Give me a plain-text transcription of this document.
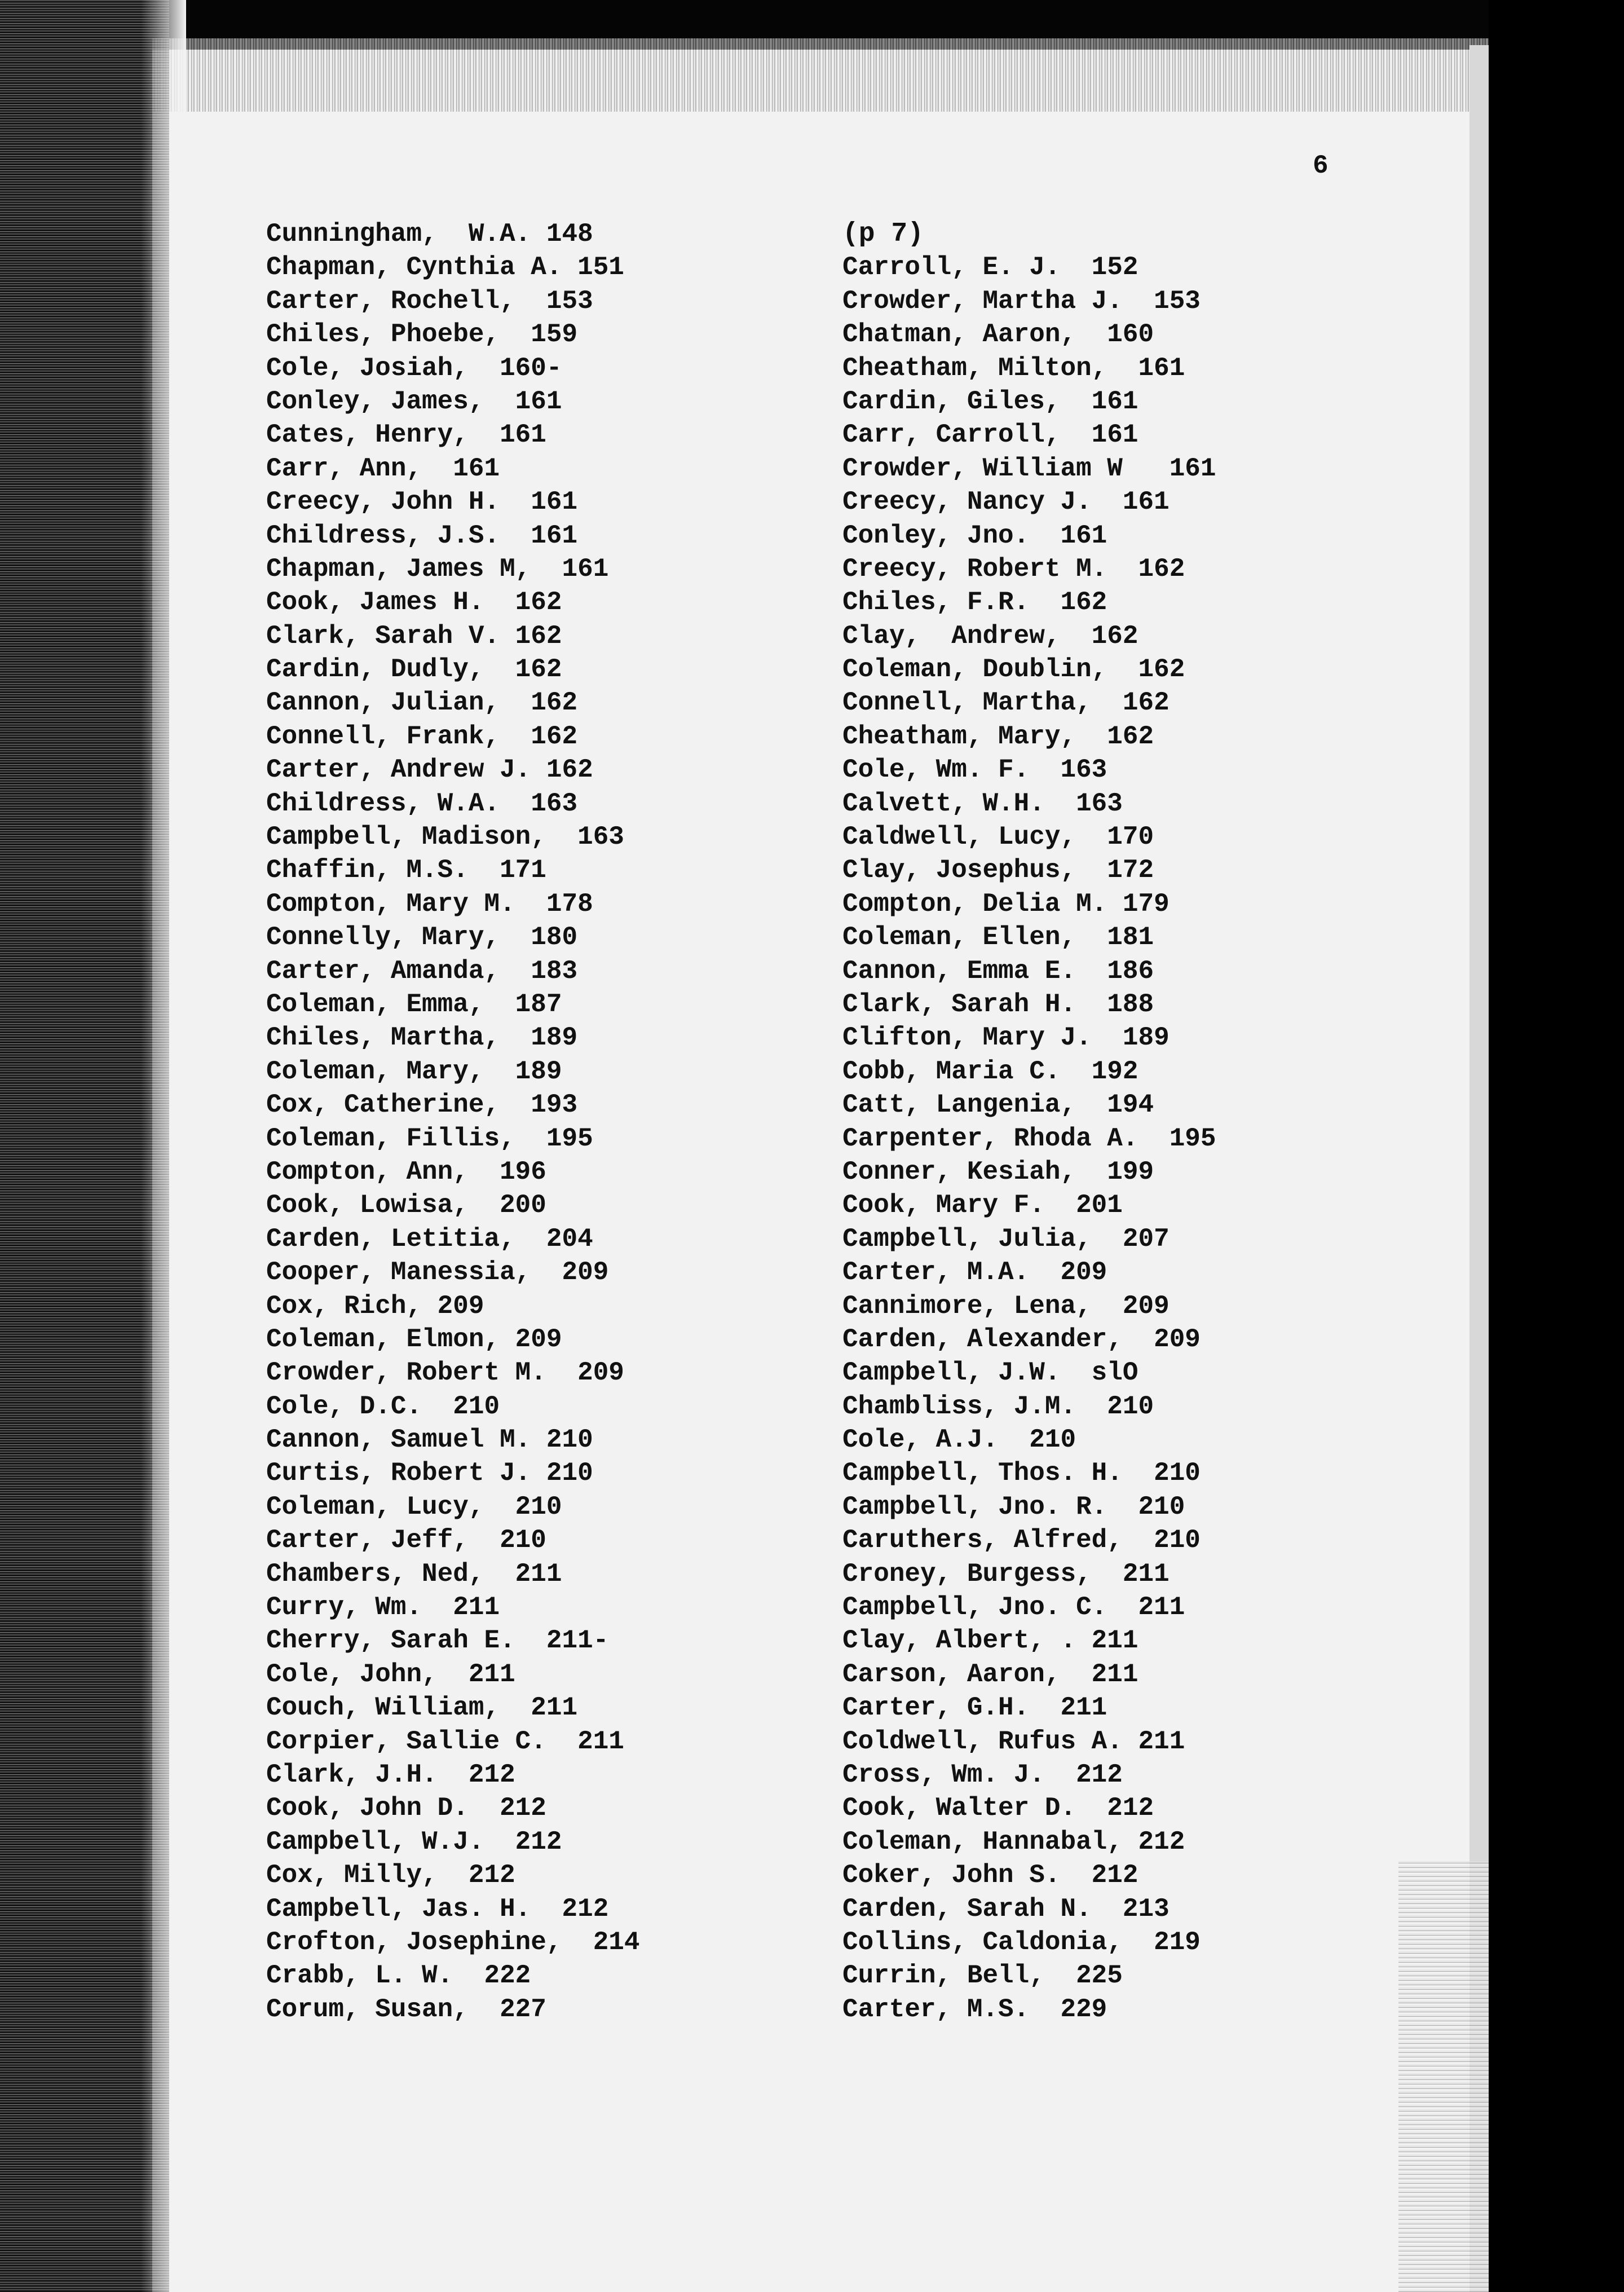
6
Cunningham,  W.A. 148
Chapman, Cynthia A. 151
Carter, Rochell,  153
Chiles, Phoebe,  159
Cole, Josiah,  160-
Conley, James,  161
Cates, Henry,  161
Carr, Ann,  161
Creecy, John H.  161
Childress, J.S.  161
Chapman, James M,  161
Cook, James H.  162
Clark, Sarah V. 162
Cardin, Dudly,  162
Cannon, Julian,  162
Connell, Frank,  162
Carter, Andrew J. 162
Childress, W.A.  163
Campbell, Madison,  163
Chaffin, M.S.  171
Compton, Mary M.  178
Connelly, Mary,  180
Carter, Amanda,  183
Coleman, Emma,  187
Chiles, Martha,  189
Coleman, Mary,  189
Cox, Catherine,  193
Coleman, Fillis,  195
Compton, Ann,  196
Cook, Lowisa,  200
Carden, Letitia,  204
Cooper, Manessia,  209
Cox, Rich, 209
Coleman, Elmon, 209
Crowder, Robert M.  209
Cole, D.C.  210
Cannon, Samuel M. 210
Curtis, Robert J. 210
Coleman, Lucy,  210
Carter, Jeff,  210
Chambers, Ned,  211
Curry, Wm.  211
Cherry, Sarah E.  211-
Cole, John,  211
Couch, William,  211
Corpier, Sallie C.  211
Clark, J.H.  212
Cook, John D.  212
Campbell, W.J.  212
Cox, Milly,  212
Campbell, Jas. H.  212
Crofton, Josephine,  214
Crabb, L. W.  222
Corum, Susan,  227
(p 7)
Carroll, E. J.  152
Crowder, Martha J.  153
Chatman, Aaron,  160
Cheatham, Milton,  161
Cardin, Giles,  161
Carr, Carroll,  161
Crowder, William W   161
Creecy, Nancy J.  161
Conley, Jno.  161
Creecy, Robert M.  162
Chiles, F.R.  162
Clay,  Andrew,  162
Coleman, Doublin,  162
Connell, Martha,  162
Cheatham, Mary,  162
Cole, Wm. F.  163
Calvett, W.H.  163
Caldwell, Lucy,  170
Clay, Josephus,  172
Compton, Delia M. 179
Coleman, Ellen,  181
Cannon, Emma E.  186
Clark, Sarah H.  188
Clifton, Mary J.  189
Cobb, Maria C.  192
Catt, Langenia,  194
Carpenter, Rhoda A.  195
Conner, Kesiah,  199
Cook, Mary F.  201
Campbell, Julia,  207
Carter, M.A.  209
Cannimore, Lena,  209
Carden, Alexander,  209
Campbell, J.W.  slO
Chambliss, J.M.  210
Cole, A.J.  210
Campbell, Thos. H.  210
Campbell, Jno. R.  210
Caruthers, Alfred,  210
Croney, Burgess,  211
Campbell, Jno. C.  211
Clay, Albert, . 211
Carson, Aaron,  211
Carter, G.H.  211
Coldwell, Rufus A. 211
Cross, Wm. J.  212
Cook, Walter D.  212
Coleman, Hannabal, 212
Coker, John S.  212
Carden, Sarah N.  213
Collins, Caldonia,  219
Currin, Bell,  225
Carter, M.S.  229
